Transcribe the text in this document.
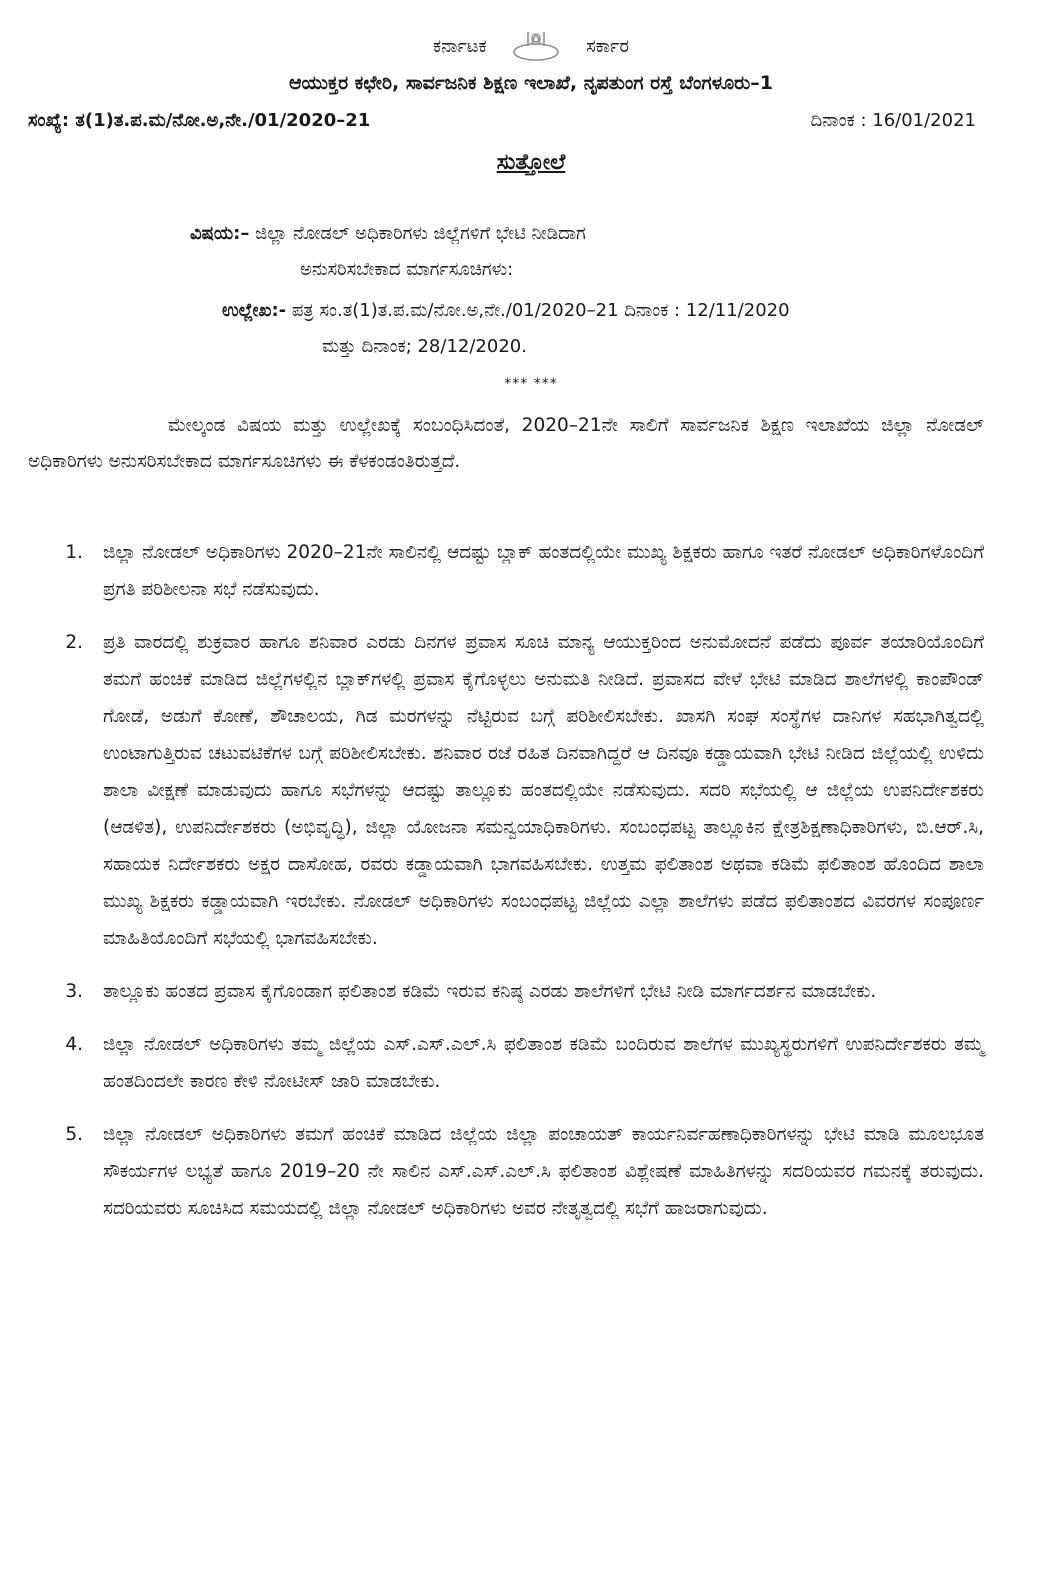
ಕರ್ನಾಟಕ	ಸರ್ಕಾರ
ಆಯುಕ್ತರ ಕಛೇರಿ, ಸಾರ್ವಜನಿಕ ಶಿಕ್ಷಣ ಇಲಾಖೆ, ನೃಪತುಂಗ ರಸ್ತೆ ಬೆಂಗಳೂರು–1
ಸಂಖ್ಯೆ: ತ(1)ತ.ಪ.ಮ/ನೋ.ಅ,ನೇ./01/2020–21	ದಿನಾಂಕ : 16/01/2021
ಸುತ್ತೋಲೆ
ವಿಷಯ:– ಜಿಲ್ಲಾ ನೋಡಲ್ ಅಧಿಕಾರಿಗಳು ಜಿಲ್ಲೆಗಳಿಗೆ ಭೇಟಿ ನೀಡಿದಾಗ
ಅನುಸರಿಸಬೇಕಾದ ಮಾರ್ಗಸೂಚಿಗಳು:
ಉಲ್ಲೇಖ:- ಪತ್ರ ಸಂ.ತ(1)ತ.ಪ.ಮ/ನೋ.ಅ,ನೇ./01/2020–21 ದಿನಾಂಕ : 12/11/2020
ಮತ್ತು ದಿನಾಂಕ; 28/12/2020.
*** ***
ಮೇಲ್ಕಂಡ ವಿಷಯ ಮತ್ತು ಉಲ್ಲೇಖಕ್ಕೆ ಸಂಬಂಧಿಸಿದಂತೆ, 2020–21ನೇ ಸಾಲಿಗೆ ಸಾರ್ವಜನಿಕ ಶಿಕ್ಷಣ ಇಲಾಖೆಯ ಜಿಲ್ಲಾ ನೋಡಲ್ ಅಧಿಕಾರಿಗಳು ಅನುಸರಿಸಬೇಕಾದ ಮಾರ್ಗಸೂಚಿಗಳು ಈ ಕೆಳಕಂಡಂತಿರುತ್ತದೆ.
1.	ಜಿಲ್ಲಾ ನೋಡಲ್ ಅಧಿಕಾರಿಗಳು 2020–21ನೇ ಸಾಲಿನಲ್ಲಿ ಆದಷ್ಟು ಬ್ಲಾಕ್ ಹಂತದಲ್ಲಿಯೇ ಮುಖ್ಯ ಶಿಕ್ಷಕರು ಹಾಗೂ ಇತರೆ ನೋಡಲ್ ಅಧಿಕಾರಿಗಳೊಂದಿಗೆ ಪ್ರಗತಿ ಪರಿಶೀಲನಾ ಸಭೆ ನಡೆಸುವುದು.
2.	ಪ್ರತಿ ವಾರದಲ್ಲಿ ಶುಕ್ರವಾರ ಹಾಗೂ ಶನಿವಾರ ಎರಡು ದಿನಗಳ ಪ್ರವಾಸ ಸೂಚಿ ಮಾನ್ಯ ಆಯುಕ್ತರಿಂದ ಅನುಮೋದನೆ ಪಡೆದು ಪೂರ್ವ ತಯಾರಿಯೊಂದಿಗೆ ತಮಗೆ ಹಂಚಿಕೆ ಮಾಡಿದ ಜಿಲ್ಲೆಗಳಲ್ಲಿನ ಬ್ಲಾಕ್‌ಗಳಲ್ಲಿ ಪ್ರವಾಸ ಕೈಗೊಳ್ಳಲು ಅನುಮತಿ ನೀಡಿದೆ. ಪ್ರವಾಸದ ವೇಳೆ ಭೇಟಿ ಮಾಡಿದ ಶಾಲೆಗಳಲ್ಲಿ ಕಾಂಪೌಂಡ್ ಗೋಡೆ, ಅಡುಗೆ ಕೋಣೆ, ಶೌಚಾಲಯ, ಗಿಡ ಮರಗಳನ್ನು ನೆಟ್ಟಿರುವ ಬಗ್ಗೆ ಪರಿಶೀಲಿಸಬೇಕು. ಖಾಸಗಿ ಸಂಘ ಸಂಸ್ಥೆಗಳ ದಾನಿಗಳ ಸಹಭಾಗಿತ್ವದಲ್ಲಿ ಉಂಟಾಗುತ್ತಿರುವ ಚಟುವಟಿಕೆಗಳ ಬಗ್ಗೆ ಪರಿಶೀಲಿಸಬೇಕು. ಶನಿವಾರ ರಜೆ ರಹಿತ ದಿನವಾಗಿದ್ದರೆ ಆ ದಿನವೂ ಕಡ್ಡಾಯವಾಗಿ ಭೇಟಿ ನೀಡಿದ ಜಿಲ್ಲೆಯಲ್ಲಿ ಉಳಿದು ಶಾಲಾ ವೀಕ್ಷಣೆ ಮಾಡುವುದು ಹಾಗೂ ಸಭೆಗಳನ್ನು ಆದಷ್ಟು ತಾಲ್ಲೂಕು ಹಂತದಲ್ಲಿಯೇ ನಡೆಸುವುದು. ಸದರಿ ಸಭೆಯಲ್ಲಿ ಆ ಜಿಲ್ಲೆಯ ಉಪನಿರ್ದೇಶಕರು (ಆಡಳಿತ), ಉಪನಿರ್ದೇಶಕರು (ಅಭಿವೃದ್ಧಿ), ಜಿಲ್ಲಾ ಯೋಜನಾ ಸಮನ್ವಯಾಧಿಕಾರಿಗಳು. ಸಂಬಂಧಪಟ್ಟ ತಾಲ್ಲೂಕಿನ ಕ್ಷೇತ್ರಶಿಕ್ಷಣಾಧಿಕಾರಿಗಳು, ಬಿ.ಆರ್.ಸಿ, ಸಹಾಯಕ ನಿರ್ದೇಶಕರು ಅಕ್ಷರ ದಾಸೋಹ, ರವರು ಕಡ್ಡಾಯವಾಗಿ ಭಾಗವಹಿಸಬೇಕು. ಉತ್ತಮ ಫಲಿತಾಂಶ ಅಥವಾ ಕಡಿಮೆ ಫಲಿತಾಂಶ ಹೊಂದಿದ ಶಾಲಾ ಮುಖ್ಯ ಶಿಕ್ಷಕರು ಕಡ್ಡಾಯವಾಗಿ ಇರಬೇಕು. ನೋಡಲ್ ಅಧಿಕಾರಿಗಳು ಸಂಬಂಧಪಟ್ಟ ಜಿಲ್ಲೆಯ ಎಲ್ಲಾ ಶಾಲೆಗಳು ಪಡೆದ ಫಲಿತಾಂಶದ ವಿವರಗಳ ಸಂಪೂರ್ಣ ಮಾಹಿತಿಯೊಂದಿಗೆ ಸಭೆಯಲ್ಲಿ ಭಾಗವಹಿಸಬೇಕು.
3.	ತಾಲ್ಲೂಕು ಹಂತದ ಪ್ರವಾಸ ಕೈಗೊಂಡಾಗ ಫಲಿತಾಂಶ ಕಡಿಮೆ ಇರುವ ಕನಿಷ್ಠ ಎರಡು ಶಾಲೆಗಳಿಗೆ ಭೇಟಿ ನೀಡಿ ಮಾರ್ಗದರ್ಶನ ಮಾಡಬೇಕು.
4.	ಜಿಲ್ಲಾ ನೋಡಲ್ ಅಧಿಕಾರಿಗಳು ತಮ್ಮ ಜಿಲ್ಲೆಯ ಎಸ್.ಎಸ್.ಎಲ್.ಸಿ ಫಲಿತಾಂಶ ಕಡಿಮೆ ಬಂದಿರುವ ಶಾಲೆಗಳ ಮುಖ್ಯಸ್ಥರುಗಳಿಗೆ ಉಪನಿರ್ದೇಶಕರು ತಮ್ಮ ಹಂತದಿಂದಲೇ ಕಾರಣ ಕೇಳಿ ನೋಟೀಸ್ ಜಾರಿ ಮಾಡಬೇಕು.
5.	ಜಿಲ್ಲಾ ನೋಡಲ್ ಅಧಿಕಾರಿಗಳು ತಮಗೆ ಹಂಚಿಕೆ ಮಾಡಿದ ಜಿಲ್ಲೆಯ ಜಿಲ್ಲಾ ಪಂಚಾಯತ್ ಕಾರ್ಯನಿರ್ವಹಣಾಧಿಕಾರಿಗಳನ್ನು ಭೇಟಿ ಮಾಡಿ ಮೂಲಭೂತ ಸೌಕರ್ಯಗಳ ಲಭ್ಯತೆ ಹಾಗೂ 2019–20 ನೇ ಸಾಲಿನ ಎಸ್.ಎಸ್.ಎಲ್.ಸಿ ಫಲಿತಾಂಶ ವಿಶ್ಲೇಷಣೆ ಮಾಹಿತಿಗಳನ್ನು ಸದರಿಯವರ ಗಮನಕ್ಕೆ ತರುವುದು. ಸದರಿಯವರು ಸೂಚಿಸಿದ ಸಮಯದಲ್ಲಿ ಜಿಲ್ಲಾ ನೋಡಲ್ ಅಧಿಕಾರಿಗಳು ಅವರ ನೇತೃತ್ವದಲ್ಲಿ ಸಭೆಗೆ ಹಾಜರಾಗುವುದು.
